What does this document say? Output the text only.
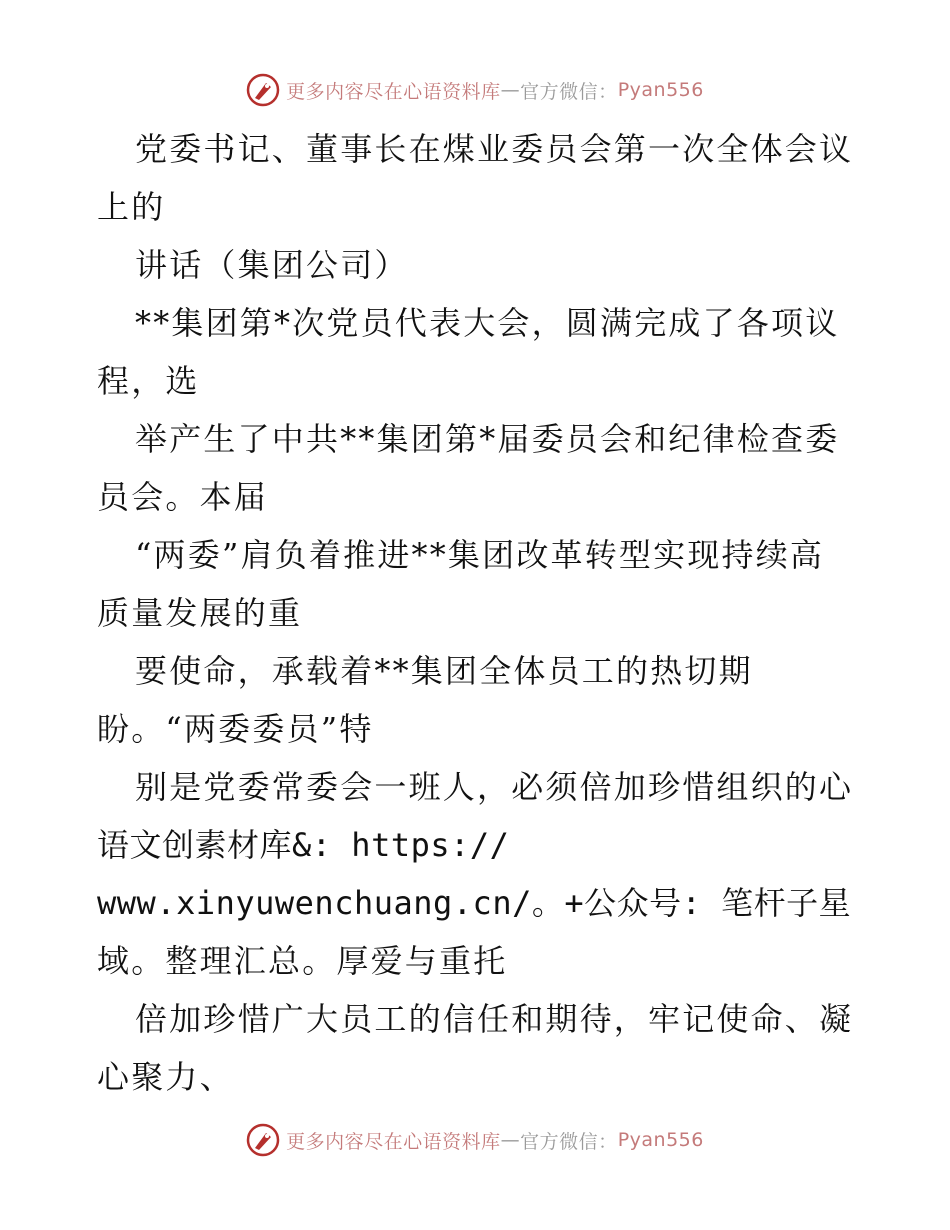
更多内容尽在心语资料库 — 官方微信： Pyan556
党委书记、董事长在煤业委员会第一次全体会议
上的
讲话（集团公司）
**集团第*次党员代表大会，圆满完成了各项议
程，选
举产生了中共**集团第*届委员会和纪律检查委
员会。本届
“两委”肩负着推进**集团改革转型实现持续高
质量发展的重
要使命，承载着**集团全体员工的热切期
盼。“两委委员”特
别是党委常委会一班人，必须倍加珍惜组织的心
语文创素材库&: https://
www.xinyuwenchuang.cn/。+公众号: 笔杆子星
域。整理汇总。厚爱与重托
倍加珍惜广大员工的信任和期待，牢记使命、凝
心聚力、
更多内容尽在心语资料库 — 官方微信： Pyan556
